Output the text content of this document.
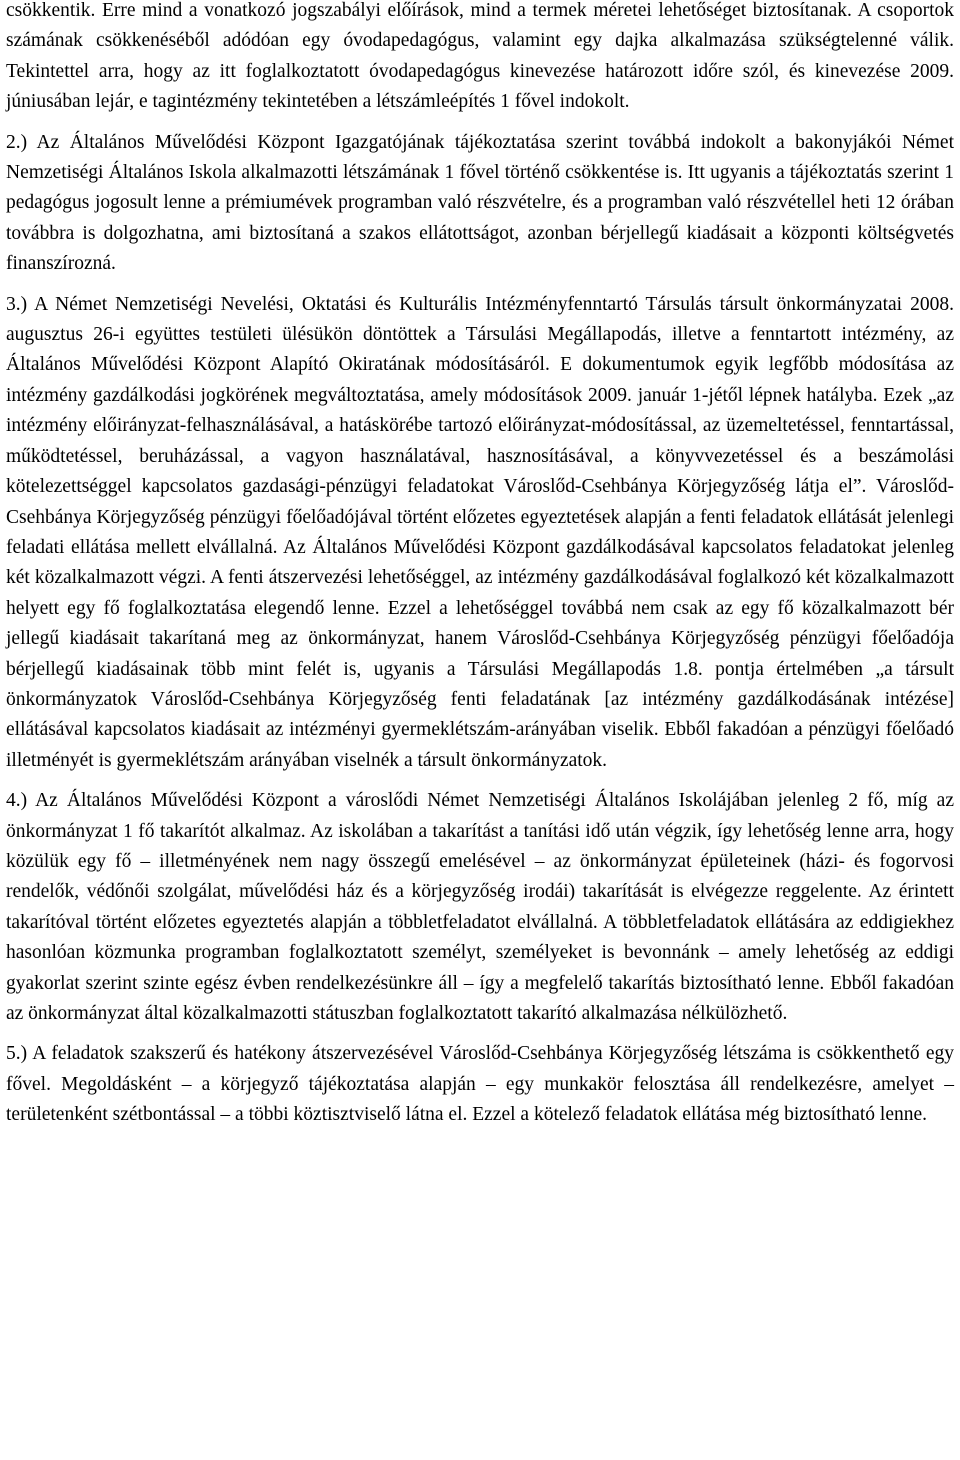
csökkentik. Erre mind a vonatkozó jogszabályi előírások, mind a termek méretei lehetőséget biztosítanak. A csoportok számának csökkenéséből adódóan egy óvodapedagógus, valamint egy dajka alkalmazása szükségtelenné válik. Tekintettel arra, hogy az itt foglalkoztatott óvodapedagógus kinevezése határozott időre szól, és kinevezése 2009. júniusában lejár, e tagintézmény tekintetében a létszámleépítés 1 fővel indokolt.

2.) Az Általános Művelődési Központ Igazgatójának tájékoztatása szerint továbbá indokolt a bakonyjákói Német Nemzetiségi Általános Iskola alkalmazotti létszámának 1 fővel történő csökkentése is. Itt ugyanis a tájékoztatás szerint 1 pedagógus jogosult lenne a prémiumévek programban való részvételre, és a programban való részvétellel heti 12 órában továbbra is dolgozhatna, ami biztosítaná a szakos ellátottságot, azonban bérjellegű kiadásait a központi költségvetés finanszírozná.

3.) A Német Nemzetiségi Nevelési, Oktatási és Kulturális Intézményfenntartó Társulás társult önkormányzatai 2008. augusztus 26-i együttes testületi ülésükön döntöttek a Társulási Megállapodás, illetve a fenntartott intézmény, az Általános Művelődési Központ Alapító Okiratának módosításáról. E dokumentumok egyik legfőbb módosítása az intézmény gazdálkodási jogkörének megváltoztatása, amely módosítások 2009. január 1-jétől lépnek hatályba. Ezek „az intézmény előirányzat-felhasználásával, a hatáskörébe tartozó előirányzat-módosítással, az üzemeltetéssel, fenntartással, működtetéssel, beruházással, a vagyon használatával, hasznosításával, a könyvvezetéssel és a beszámolási kötelezettséggel kapcsolatos gazdasági-pénzügyi feladatokat Városlőd-Csehbánya Körjegyzőség látja el”. Városlőd-Csehbánya Körjegyzőség pénzügyi főelőadójával történt előzetes egyeztetések alapján a fenti feladatok ellátását jelenlegi feladati ellátása mellett elvállalná. Az Általános Művelődési Központ gazdálkodásával kapcsolatos feladatokat jelenleg két közalkalmazott végzi. A fenti átszervezési lehetőséggel, az intézmény gazdálkodásával foglalkozó két közalkalmazott helyett egy fő foglalkoztatása elegendő lenne. Ezzel a lehetőséggel továbbá nem csak az egy fő közalkalmazott bér jellegű kiadásait takarítaná meg az önkormányzat, hanem Városlőd-Csehbánya Körjegyzőség pénzügyi főelőadója bérjellegű kiadásainak több mint felét is, ugyanis a Társulási Megállapodás 1.8. pontja értelmében „a társult önkormányzatok Városlőd-Csehbánya Körjegyzőség fenti feladatának [az intézmény gazdálkodásának intézése] ellátásával kapcsolatos kiadásait az intézményi gyermeklétszám-arányában viselik. Ebből fakadóan a pénzügyi főelőadó illetményét is gyermeklétszám arányában viselnék a társult önkormányzatok.

4.) Az Általános Művelődési Központ a városlődi Német Nemzetiségi Általános Iskolájában jelenleg 2 fő, míg az önkormányzat 1 fő takarítót alkalmaz. Az iskolában a takarítást a tanítási idő után végzik, így lehetőség lenne arra, hogy közülük egy fő – illetményének nem nagy összegű emelésével – az önkormányzat épületeinek (házi- és fogorvosi rendelők, védőnői szolgálat, művelődési ház és a körjegyzőség irodái) takarítását is elvégezze reggelente. Az érintett takarítóval történt előzetes egyeztetés alapján a többletfeladatot elvállalná. A többletfeladatok ellátására az eddigiekhez hasonlóan közmunka programban foglalkoztatott személyt, személyeket is bevonnánk – amely lehetőség az eddigi gyakorlat szerint szinte egész évben rendelkezésünkre áll – így a megfelelő takarítás biztosítható lenne. Ebből fakadóan az önkormányzat által közalkalmazotti státuszban foglalkoztatott takarító alkalmazása nélkülözhető.

5.) A feladatok szakszerű és hatékony átszervezésével Városlőd-Csehbánya Körjegyzőség létszáma is csökkenthető egy fővel. Megoldásként – a körjegyző tájékoztatása alapján – egy munkakör felosztása áll rendelkezésre, amelyet – területenként szétbontással – a többi köztisztviselő látna el. Ezzel a kötelező feladatok ellátása még biztosítható lenne.
